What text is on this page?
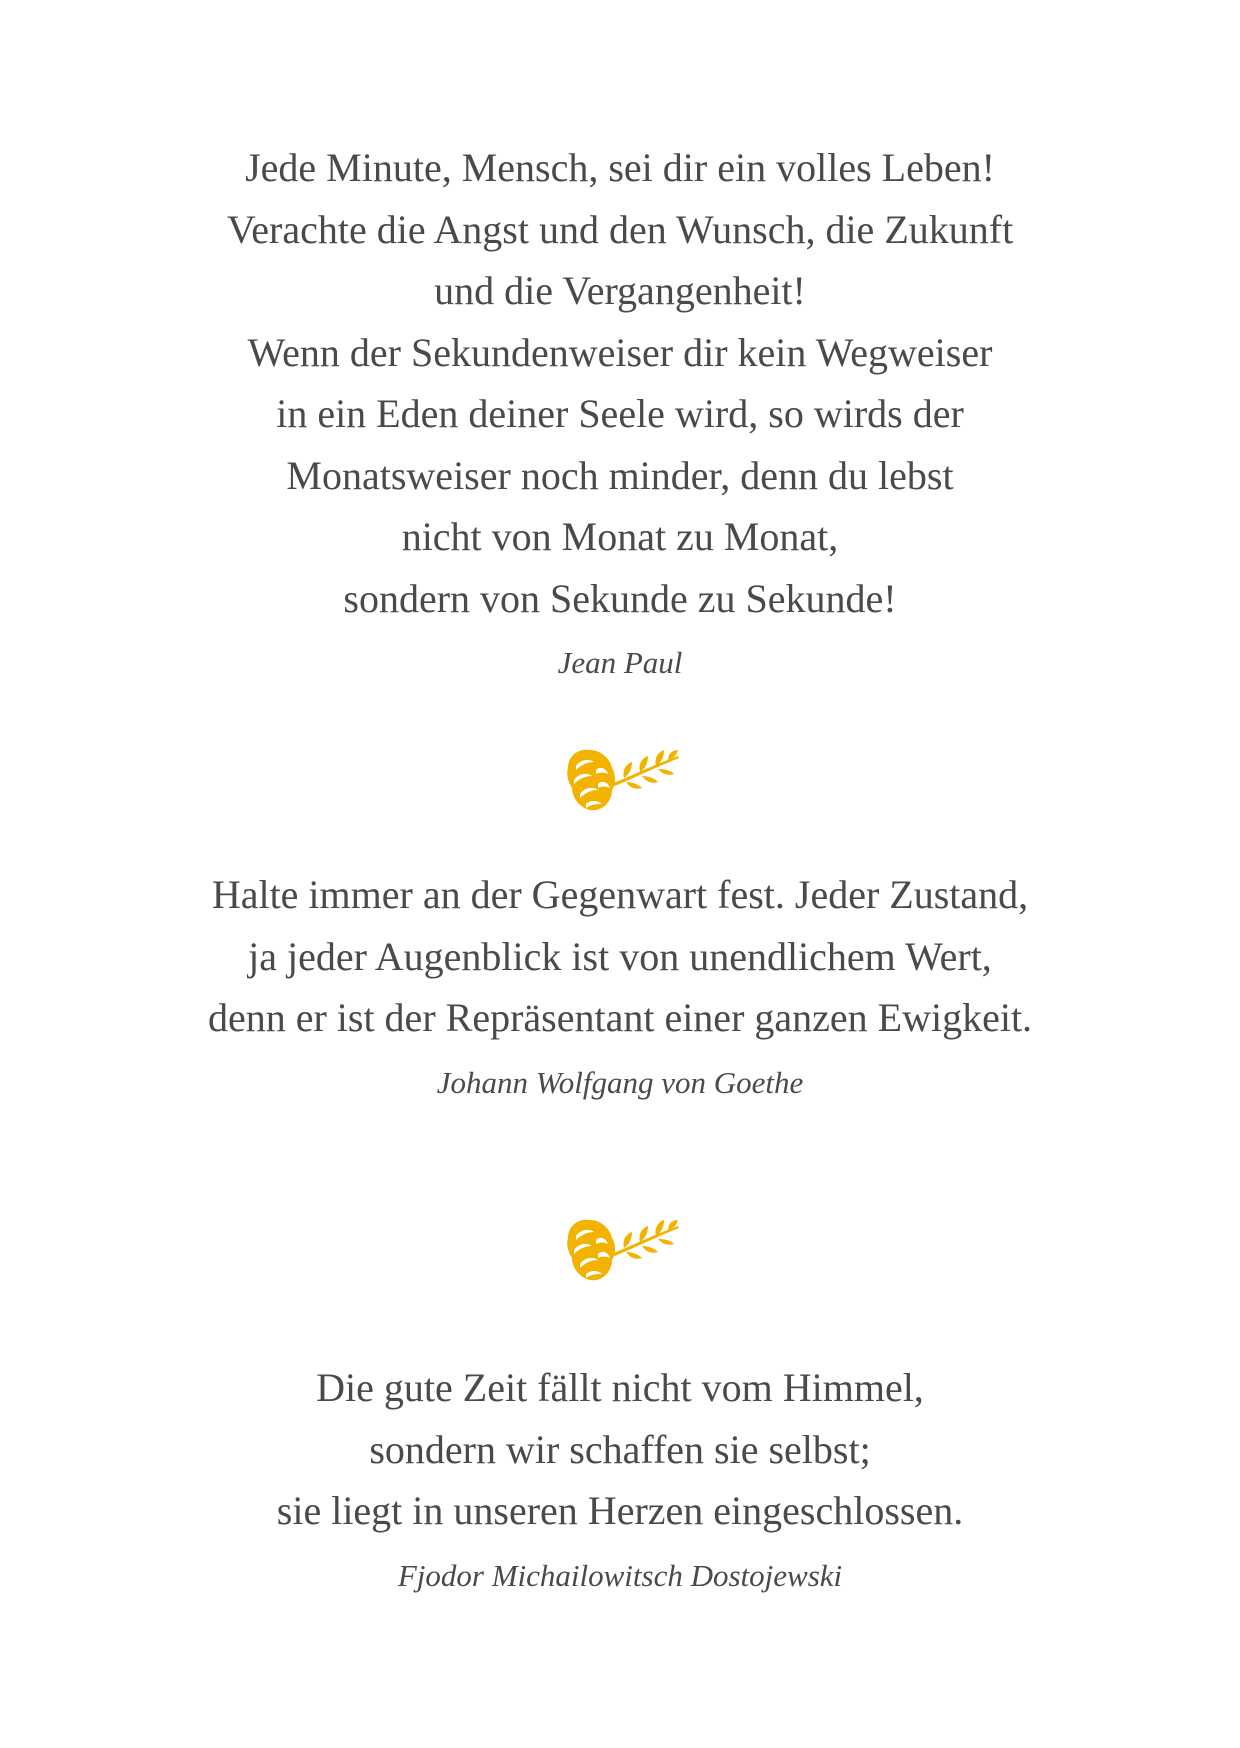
Jede Minute, Mensch, sei dir ein volles Leben!
Verachte die Angst und den Wunsch, die Zukunft
und die Vergangenheit!
Wenn der Sekundenweiser dir kein Wegweiser
in ein Eden deiner Seele wird, so wirds der
Monatsweiser noch minder, denn du lebst
nicht von Monat zu Monat,
sondern von Sekunde zu Sekunde!

Jean Paul

Halte immer an der Gegenwart fest. Jeder Zustand,
ja jeder Augenblick ist von unendlichem Wert,
denn er ist der Repräsentant einer ganzen Ewigkeit.

Johann Wolfgang von Goethe

Die gute Zeit fällt nicht vom Himmel,
sondern wir schaffen sie selbst;
sie liegt in unseren Herzen eingeschlossen.

Fjodor Michailowitsch Dostojewski
